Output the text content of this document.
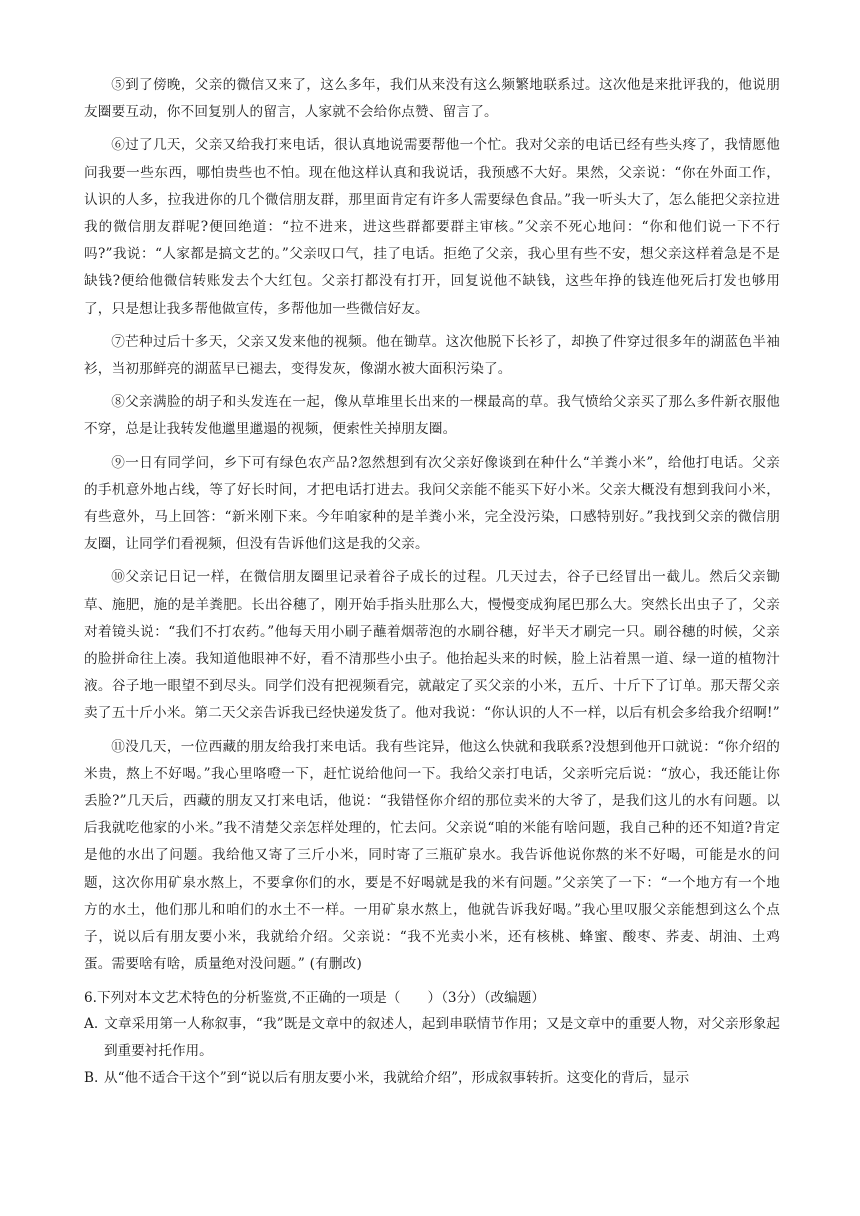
⑤到了傍晚，父亲的微信又来了，这么多年，我们从来没有这么频繁地联系过。这次他是来批评我的，他说朋友圈要互动，你不回复别人的留言，人家就不会给你点赞、留言了。

⑥过了几天，父亲又给我打来电话，很认真地说需要帮他一个忙。我对父亲的电话已经有些头疼了，我情愿他问我要一些东西，哪怕贵些也不怕。现在他这样认真和我说话，我预感不大好。果然，父亲说：“你在外面工作，认识的人多，拉我进你的几个微信朋友群，那里面肯定有许多人需要绿色食品。”我一听头大了，怎么能把父亲拉进我的微信朋友群呢?便回绝道：“拉不进来，进这些群都要群主审核。”父亲不死心地问：“你和他们说一下不行吗?”我说：“人家都是搞文艺的。”父亲叹口气，挂了电话。拒绝了父亲，我心里有些不安，想父亲这样着急是不是缺钱?便给他微信转账发去个大红包。父亲打都没有打开，回复说他不缺钱，这些年挣的钱连他死后打发也够用了，只是想让我多帮他做宣传，多帮他加一些微信好友。

⑦芒种过后十多天，父亲又发来他的视频。他在锄草。这次他脱下长衫了，却换了件穿过很多年的湖蓝色半袖衫，当初那鲜亮的湖蓝早已褪去，变得发灰，像湖水被大面积污染了。

⑧父亲满脸的胡子和头发连在一起，像从草堆里长出来的一棵最高的草。我气愤给父亲买了那么多件新衣服他不穿，总是让我转发他邋里邋遢的视频，便索性关掉朋友圈。

⑨一日有同学问，乡下可有绿色农产品?忽然想到有次父亲好像谈到在种什么“羊粪小米”，给他打电话。父亲的手机意外地占线，等了好长时间，才把电话打进去。我问父亲能不能买下好小米。父亲大概没有想到我问小米，有些意外，马上回答：“新米刚下来。今年咱家种的是羊粪小米，完全没污染，口感特别好。”我找到父亲的微信朋友圈，让同学们看视频，但没有告诉他们这是我的父亲。

⑩父亲记日记一样，在微信朋友圈里记录着谷子成长的过程。几天过去，谷子已经冒出一截儿。然后父亲锄草、施肥，施的是羊粪肥。长出谷穗了，刚开始手指头肚那么大，慢慢变成狗尾巴那么大。突然长出虫子了，父亲对着镜头说：“我们不打农药。”他每天用小刷子蘸着烟蒂泡的水刷谷穗，好半天才刷完一只。刷谷穗的时候，父亲的脸拼命往上凑。我知道他眼神不好，看不清那些小虫子。他抬起头来的时候，脸上沾着黑一道、绿一道的植物汁液。谷子地一眼望不到尽头。同学们没有把视频看完，就敲定了买父亲的小米，五斤、十斤下了订单。那天帮父亲卖了五十斤小米。第二天父亲告诉我已经快递发货了。他对我说：“你认识的人不一样，以后有机会多给我介绍啊!”

⑪没几天，一位西藏的朋友给我打来电话。我有些诧异，他这么快就和我联系?没想到他开口就说：“你介绍的米贵，熬上不好喝。”我心里咯噔一下，赶忙说给他问一下。我给父亲打电话，父亲听完后说：“放心，我还能让你丢脸?”几天后，西藏的朋友又打来电话，他说：“我错怪你介绍的那位卖米的大爷了，是我们这儿的水有问题。以后我就吃他家的小米。”我不清楚父亲怎样处理的，忙去问。父亲说“咱的米能有啥问题，我自己种的还不知道?肯定是他的水出了问题。我给他又寄了三斤小米，同时寄了三瓶矿泉水。我告诉他说你熬的米不好喝，可能是水的问题，这次你用矿泉水熬上，不要拿你们的水，要是不好喝就是我的米有问题。”父亲笑了一下：“一个地方有一个地方的水土，他们那儿和咱们的水土不一样。一用矿泉水熬上，他就告诉我好喝。”我心里叹服父亲能想到这么个点子，说以后有朋友要小米，我就给介绍。父亲说：“我不光卖小米，还有核桃、蜂蜜、酸枣、荞麦、胡油、土鸡蛋。需要啥有啥，质量绝对没问题。” (有删改)

6.下列对本文艺术特色的分析鉴赏,不正确的一项是（　　）（3分）（改编题）

A. 文章采用第一人称叙事，“我”既是文章中的叙述人，起到串联情节作用；又是文章中的重要人物，对父亲形象起到重要衬托作用。

B. 从“他不适合干这个”到“说以后有朋友要小米，我就给介绍”，形成叙事转折。这变化的背后，显示
